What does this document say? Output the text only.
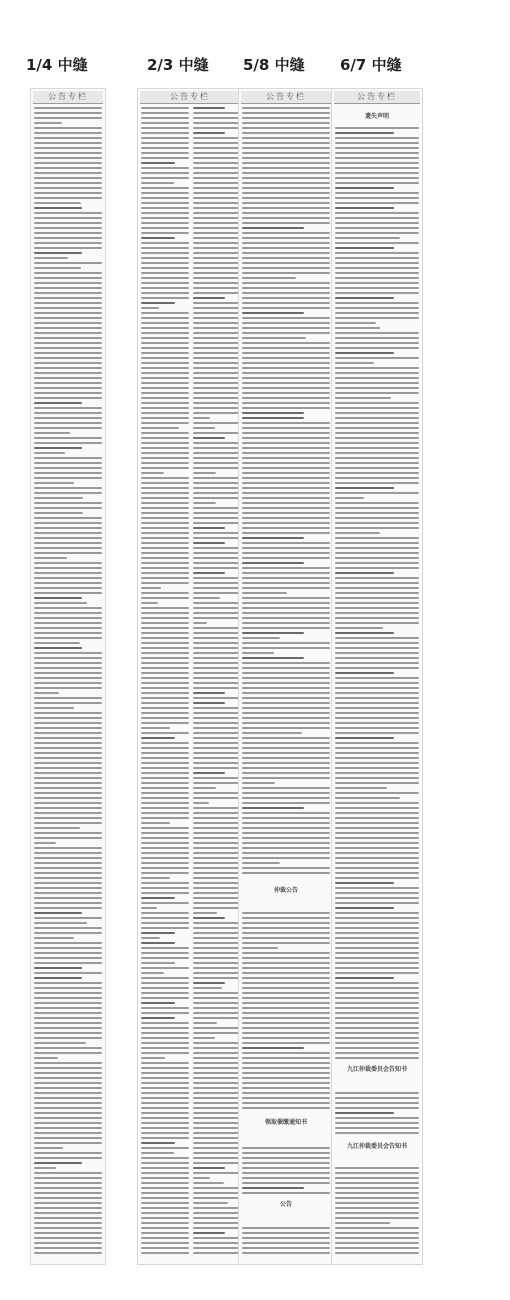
1/4 中缝	2/3 中缝 5/8 中缝 6/7 中缝
公告专栏	公告专栏	公告专栏
仲裁公告
领取催缴通知书
公告
公告专栏
遗失声明
九江仲裁委员会告知书
九江仲裁委员会告知书
